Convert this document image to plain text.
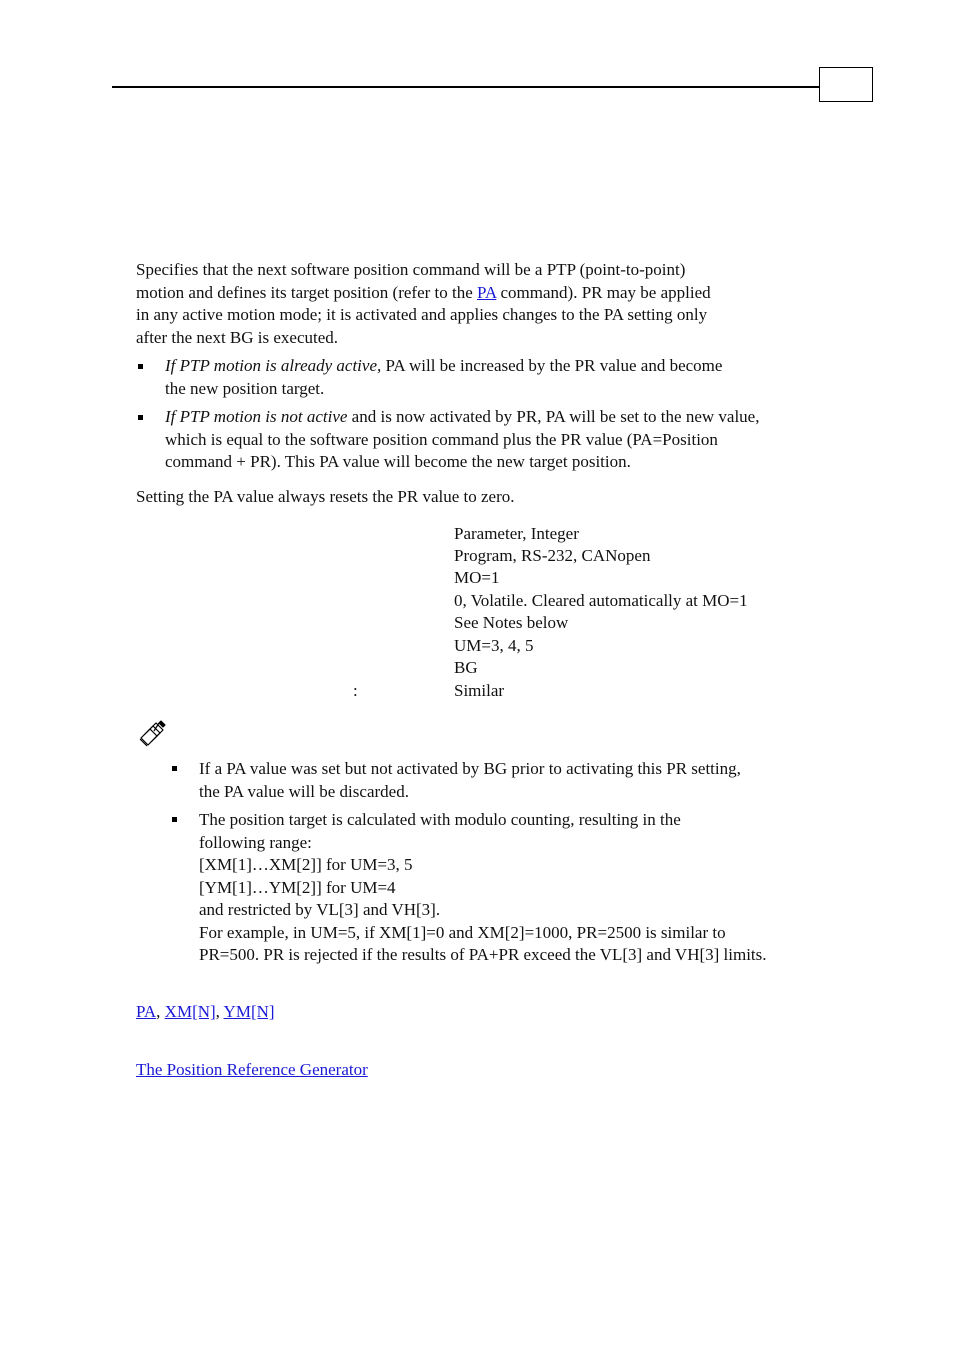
Specifies that the next software position command will be a PTP (point-to-point)

motion and defines its target position (refer to the PA command). PR may be applied

in any active motion mode; it is activated and applies changes to the PA setting only

after the next BG is executed.

If PTP motion is already active, PA will be increased by the PR value and become
the new position target.
If PTP motion is not active and is now activated by PR, PA will be set to the new value,
which is equal to the software position command plus the PR value (PA=Position
command + PR). This PA value will become the new target position.
Setting the PA value always resets the PR value to zero.
Parameter, Integer
Program, RS-232, CANopen
MO=1
0, Volatile. Cleared automatically at MO=1
See Notes below
UM=3, 4, 5
BG
:	Similar
If a PA value was set but not activated by BG prior to activating this PR setting,
the PA value will be discarded.
The position target is calculated with modulo counting, resulting in the
following range:
[XM[1]…XM[2]] for UM=3, 5
[YM[1]…YM[2]] for UM=4
and restricted by VL[3] and VH[3].
For example, in UM=5, if XM[1]=0 and XM[2]=1000, PR=2500 is similar to
PR=500. PR is rejected if the results of PA+PR exceed the VL[3] and VH[3] limits.
PA, XM[N], YM[N]
The Position Reference Generator
